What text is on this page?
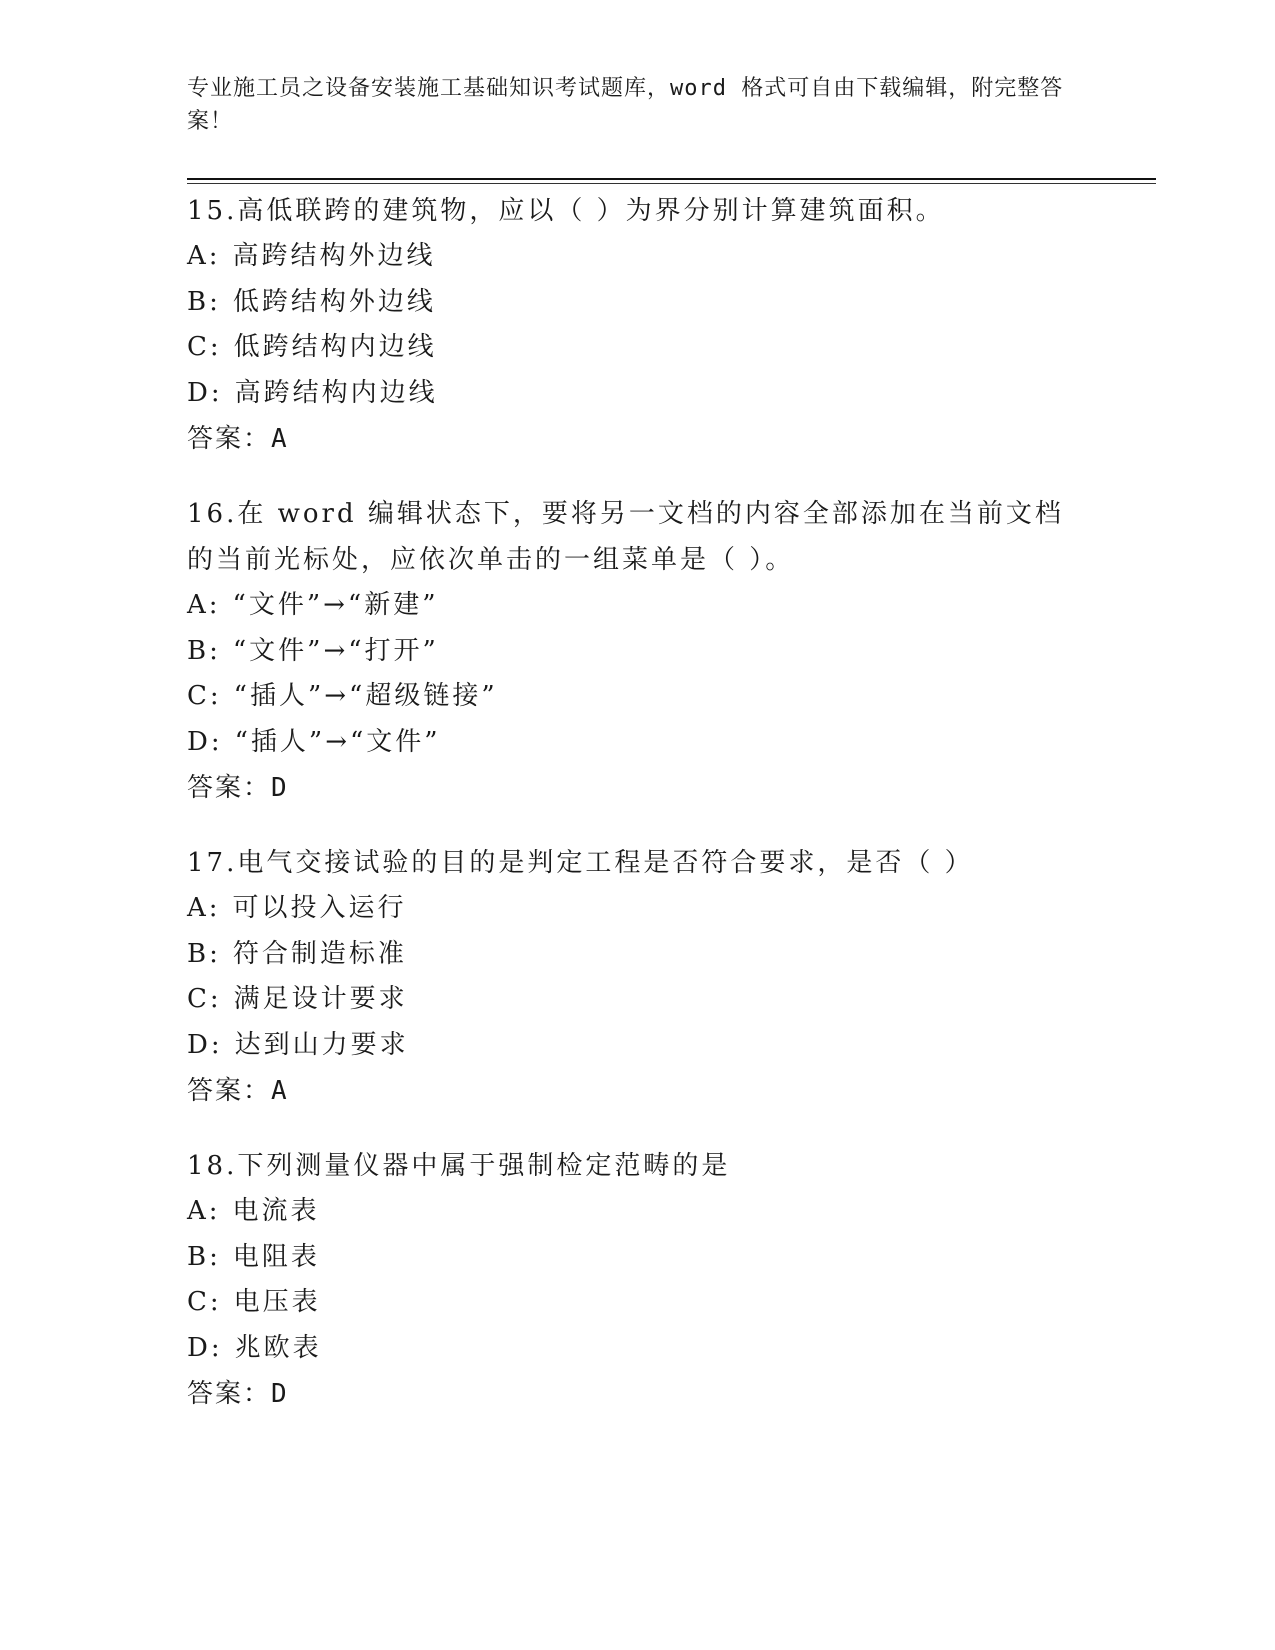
专业施工员之设备安装施工基础知识考试题库，word 格式可自由下载编辑，附完整答案！

15.高低联跨的建筑物，应以（ ）为界分别计算建筑面积。

A: 高跨结构外边线

B: 低跨结构外边线

C: 低跨结构内边线

D: 高跨结构内边线

答案：A

16.在 word 编辑状态下，要将另一文档的内容全部添加在当前文档的当前光标处，应依次单击的一组菜单是（ ）。

A: “文件”→“新建”

B: “文件”→“打开”

C: “插人”→“超级链接”

D: “插人”→“文件”

答案：D

17.电气交接试验的目的是判定工程是否符合要求，是否（ ）

A: 可以投入运行

B: 符合制造标准

C: 满足设计要求

D: 达到山力要求

答案：A

18.下列测量仪器中属于强制检定范畴的是

A: 电流表

B: 电阻表

C: 电压表

D: 兆欧表

答案：D
